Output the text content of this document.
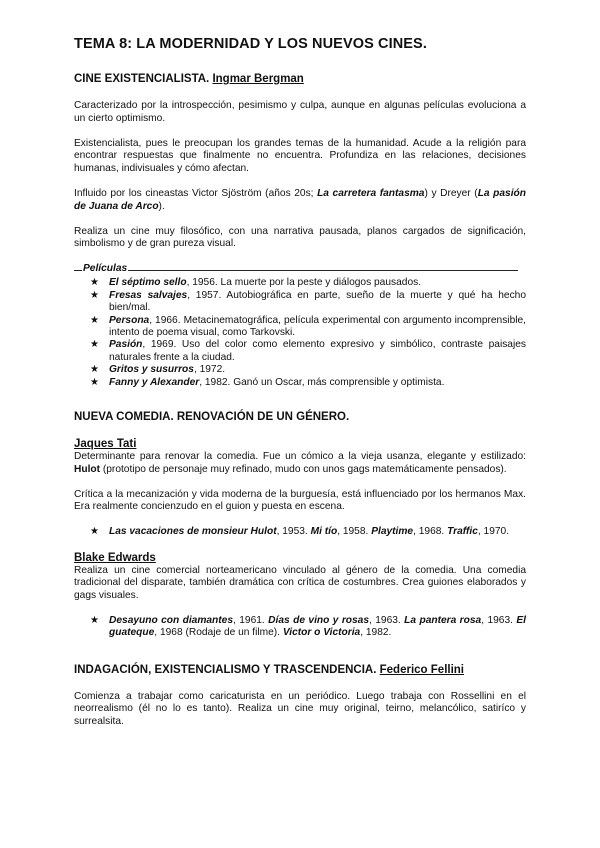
TEMA 8: LA MODERNIDAD Y LOS NUEVOS CINES.
CINE EXISTENCIALISTA. Ingmar Bergman

Caracterizado por la introspección, pesimismo y culpa, aunque en algunas películas evoluciona a un cierto optimismo.

Existencialista, pues le preocupan los grandes temas de la humanidad. Acude a la religión para encontrar respuestas que finalmente no encuentra. Profundiza en las relaciones, decisiones humanas, indivisuales y cómo afectan.

Influido por los cineastas Victor Sjöström (años 20s; La carretera fantasma) y Dreyer (La pasión de Juana de Arco).

Realiza un cine muy filosófico, con una narrativa pausada, planos cargados de significación, simbolismo y de gran pureza visual.

Películas
★ El séptimo sello, 1956. La muerte por la peste y diálogos pausados.
★ Fresas salvajes, 1957. Autobiográfica en parte, sueño de la muerte y qué ha hecho bien/mal.
★ Persona, 1966. Metacinematográfica, película experimental con argumento incomprensible, intento de poema visual, como Tarkovski.
★ Pasión, 1969. Uso del color como elemento expresivo y simbólico, contraste paisajes naturales frente a la ciudad.
★ Gritos y susurros, 1972.
★ Fanny y Alexander, 1982. Ganó un Oscar, más comprensible y optimista.
NUEVA COMEDIA. RENOVACIÓN DE UN GÉNERO.
Jaques Tati

Determinante para renovar la comedia. Fue un cómico a la vieja usanza, elegante y estilizado: Hulot (prototipo de personaje muy refinado, mudo con unos gags matemáticamente pensados).

Crítica a la mecanización y vida moderna de la burguesía, está influenciado por los hermanos Max. Era realmente concienzudo en el guion y puesta en escena.

★ Las vacaciones de monsieur Hulot, 1953. Mi tío, 1958. Playtime, 1968. Traffic, 1970.
Blake Edwards

Realiza un cine comercial norteamericano vinculado al género de la comedia. Una comedia tradicional del disparate, también dramática con crítica de costumbres. Crea guiones elaborados y gags visuales.

★ Desayuno con diamantes, 1961. Días de vino y rosas, 1963. La pantera rosa, 1963. El guateque, 1968 (Rodaje de un filme). Victor o Victoria, 1982.
INDAGACIÓN, EXISTENCIALISMO Y TRASCENDENCIA. Federico Fellini

Comienza a trabajar como caricaturista en un periódico. Luego trabaja con Rossellini en el neorrealismo (él no lo es tanto). Realiza un cine muy original, teirno, melancólico, satiríco y surrealsita.
